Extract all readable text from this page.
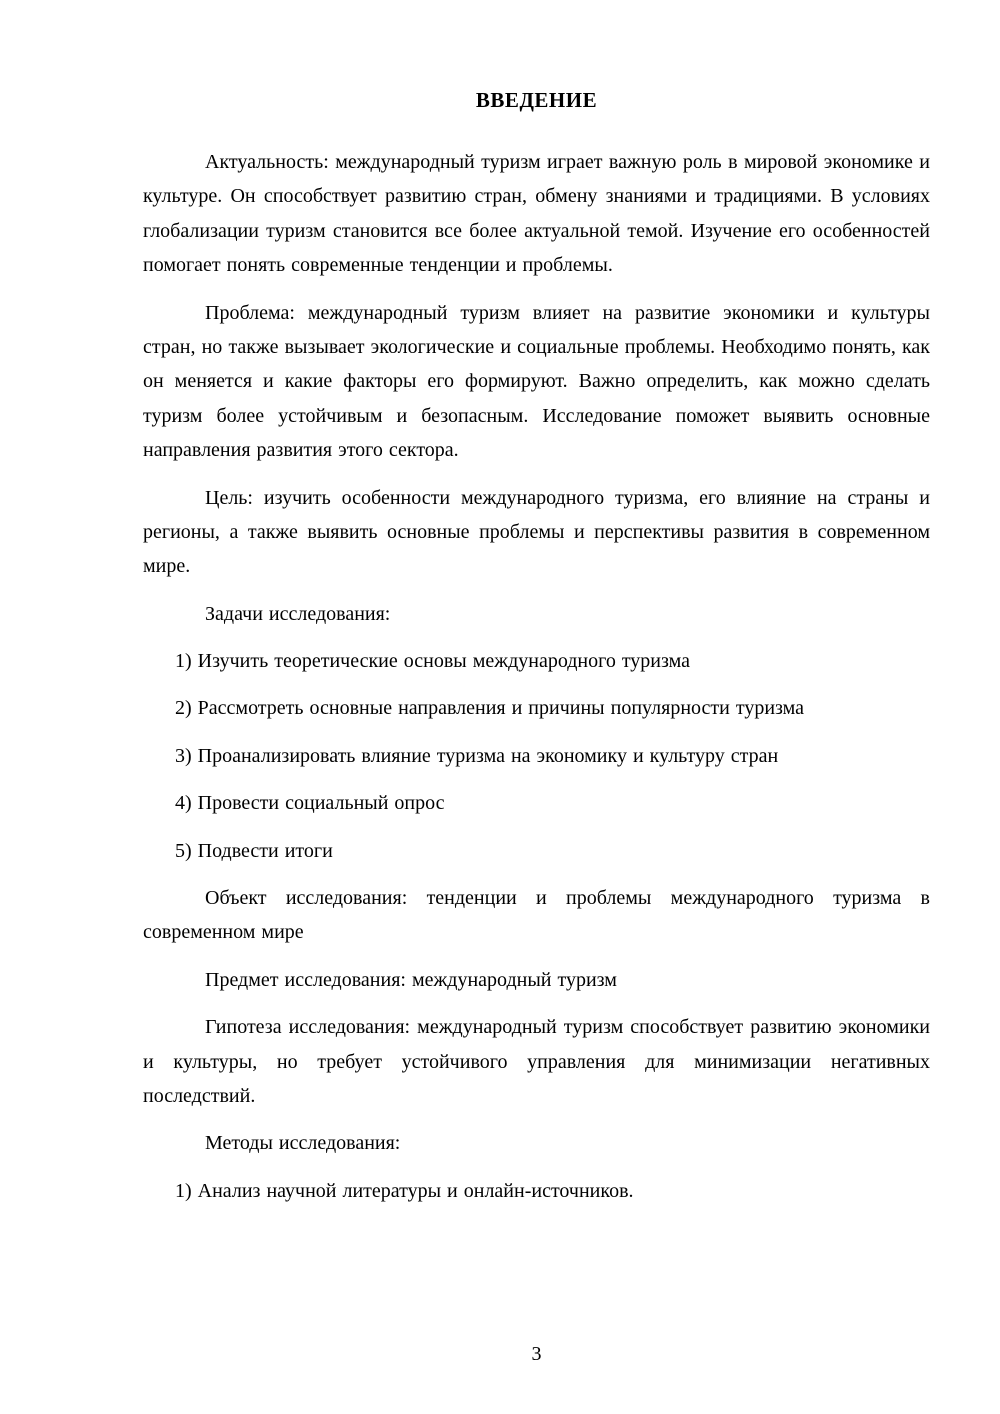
ВВЕДЕНИЕ

Актуальность: международный туризм играет важную роль в мировой экономике и культуре. Он способствует развитию стран, обмену знаниями и традициями. В условиях глобализации туризм становится все более актуальной темой. Изучение его особенностей помогает понять современные тенденции и проблемы.

Проблема: международный туризм влияет на развитие экономики и культуры стран, но также вызывает экологические и социальные проблемы. Необходимо понять, как он меняется и какие факторы его формируют. Важно определить, как можно сделать туризм более устойчивым и безопасным. Исследование поможет выявить основные направления развития этого сектора.

Цель: изучить особенности международного туризма, его влияние на страны и регионы, а также выявить основные проблемы и перспективы развития в современном мире.

Задачи исследования:

1) Изучить теоретические основы международного туризма

2) Рассмотреть основные направления и причины популярности туризма

3) Проанализировать влияние туризма на экономику и культуру стран

4) Провести социальный опрос

5) Подвести итоги

Объект исследования: тенденции и проблемы международного туризма в современном мире

Предмет исследования: международный туризм

Гипотеза исследования: международный туризм способствует развитию экономики и культуры, но требует устойчивого управления для минимизации негативных последствий.

Методы исследования:

1) Анализ научной литературы и онлайн-источников.

3
